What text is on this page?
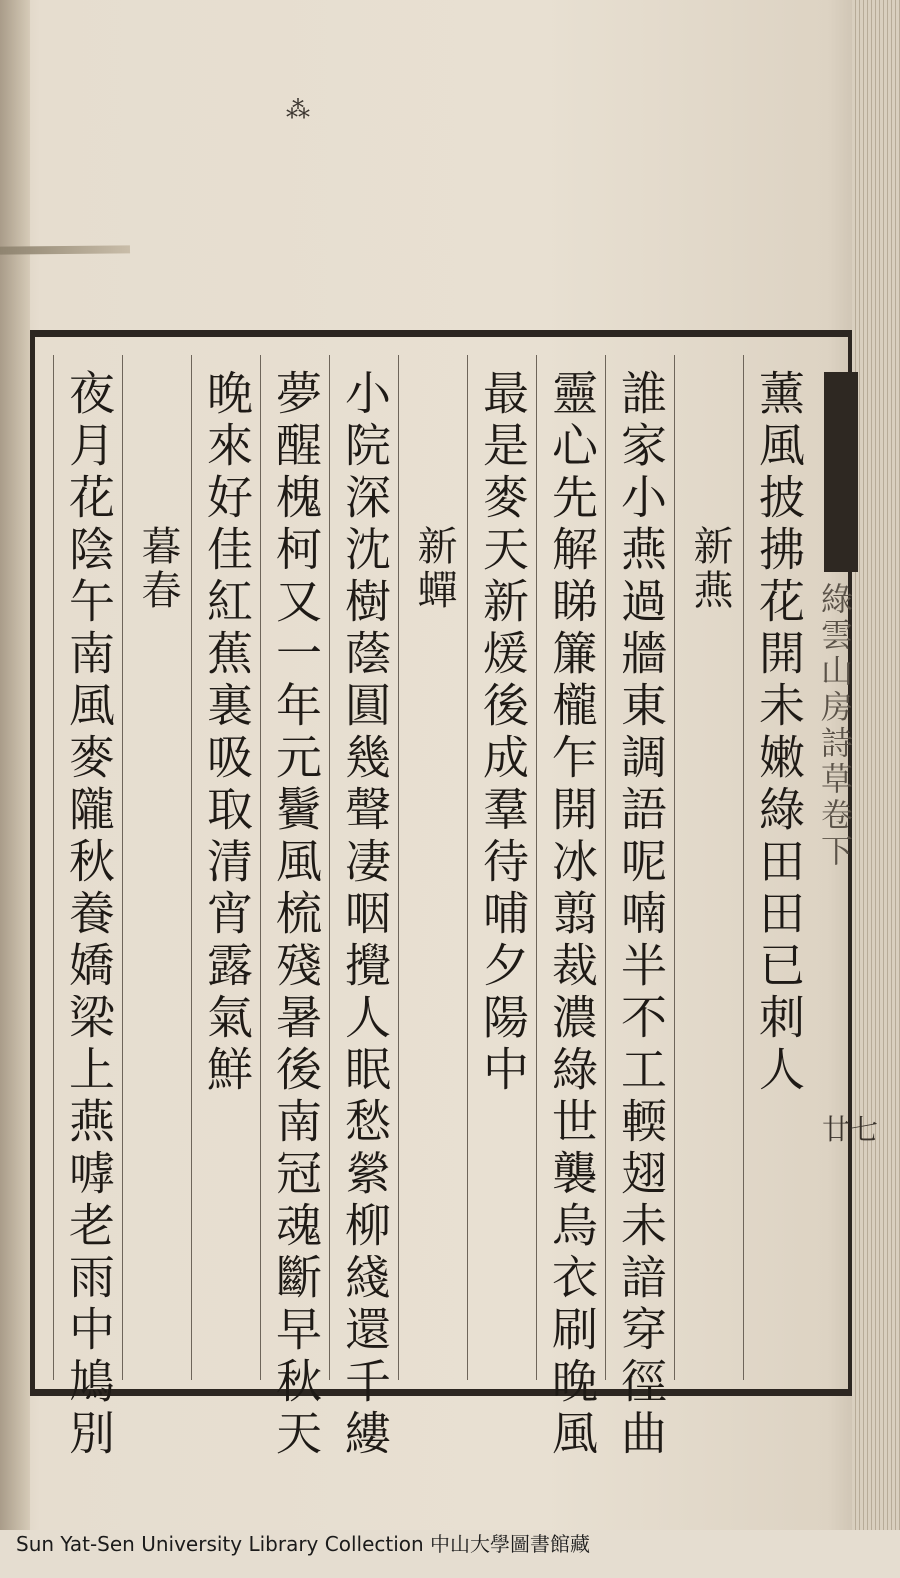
⁂
綠雲山房詩草卷下
廿七
薰風披拂花開未嫩綠田田已刺人
新燕
誰家小燕過牆東調語呢喃半不工輭翅未諳穿徑曲
靈心先解睇簾櫳乍開冰翦裁濃綠世襲烏衣刷晚風
最是麥天新煖後成羣待哺夕陽中
新蟬
小院深沈樹蔭圓幾聲凄咽攪人眠愁縈柳綫還千縷
夢醒槐柯又一年元鬢風梳殘暑後南冠魂斷早秋天
晚來好佳紅蕉裏吸取清宵露氣鮮
暮春
夜月花陰午南風麥隴秋養嬌梁上燕嘑老雨中鳩別
Sun Yat-Sen University Library Collection 中山大學圖書館藏
